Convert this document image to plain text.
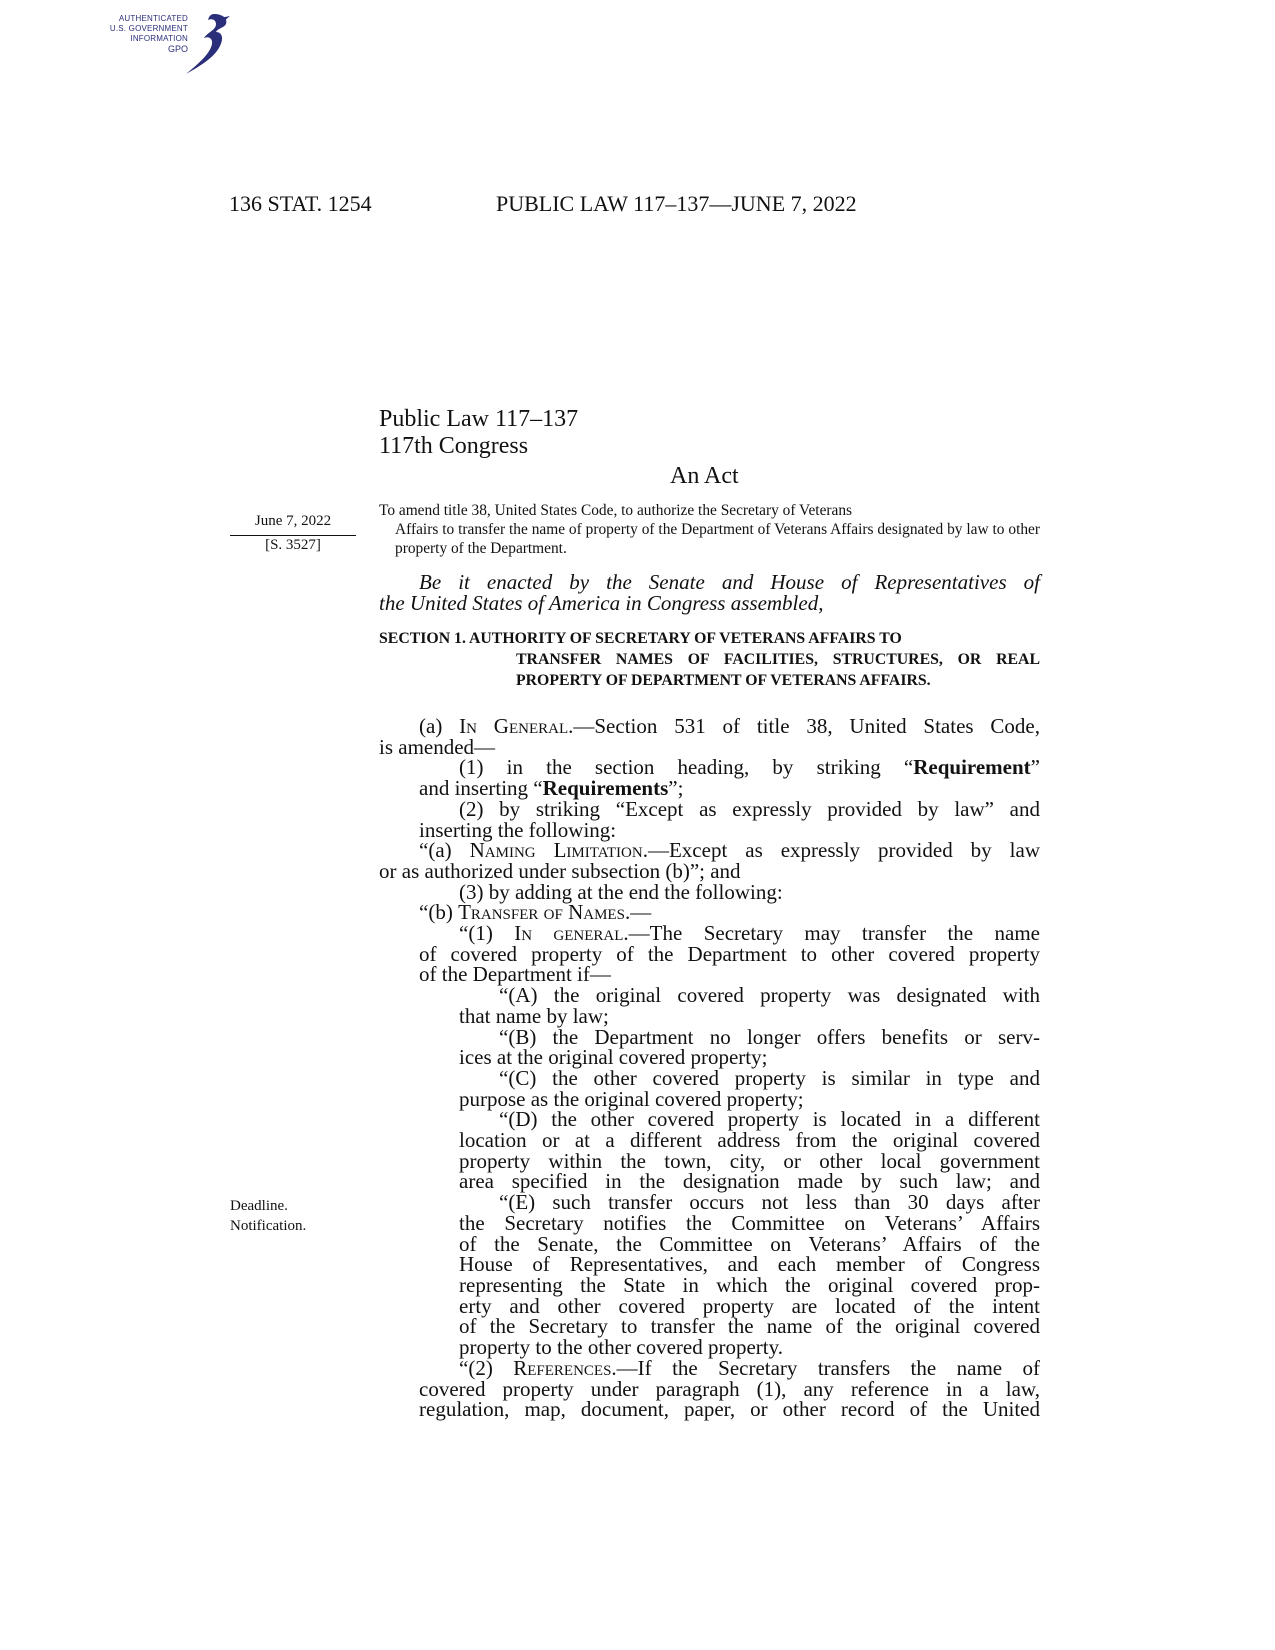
AUTHENTICATED
U.S. GOVERNMENT
INFORMATION
GPO
136 STAT. 1254	PUBLIC LAW 117–137—JUNE 7, 2022
Public Law 117–137
117th Congress
An Act
June 7, 2022
[S. 3527]
Deadline.
Notification.
To amend title 38, United States Code, to authorize the Secretary of Veterans
Affairs to transfer the name of property of the Department of Veterans Affairs designated by law to other property of the Department.
Be it enacted by the Senate and House of Representatives of
the United States of America in Congress assembled,
SECTION 1. AUTHORITY OF SECRETARY OF VETERANS AFFAIRS TO
TRANSFER NAMES OF FACILITIES, STRUCTURES, OR REAL PROPERTY OF DEPARTMENT OF VETERANS AFFAIRS.
(a) In General.—Section 531 of title 38, United States Code,
is amended—
(1) in the section heading, by striking “Requirement”
and inserting “Requirements”;
(2) by striking “Except as expressly provided by law” and
inserting the following:
“(a) Naming Limitation.—Except as expressly provided by law
or as authorized under subsection (b)”; and
(3) by adding at the end the following:
“(b) Transfer of Names.—
“(1) In general.—The Secretary may transfer the name
of covered property of the Department to other covered property
of the Department if—
“(A) the original covered property was designated with
that name by law;
“(B) the Department no longer offers benefits or serv-
ices at the original covered property;
“(C) the other covered property is similar in type and
purpose as the original covered property;
“(D) the other covered property is located in a different
location or at a different address from the original covered
property within the town, city, or other local government
area specified in the designation made by such law; and
“(E) such transfer occurs not less than 30 days after
the Secretary notifies the Committee on Veterans’ Affairs
of the Senate, the Committee on Veterans’ Affairs of the
House of Representatives, and each member of Congress
representing the State in which the original covered prop-
erty and other covered property are located of the intent
of the Secretary to transfer the name of the original covered
property to the other covered property.
“(2) References.—If the Secretary transfers the name of
covered property under paragraph (1), any reference in a law,
regulation, map, document, paper, or other record of the United
